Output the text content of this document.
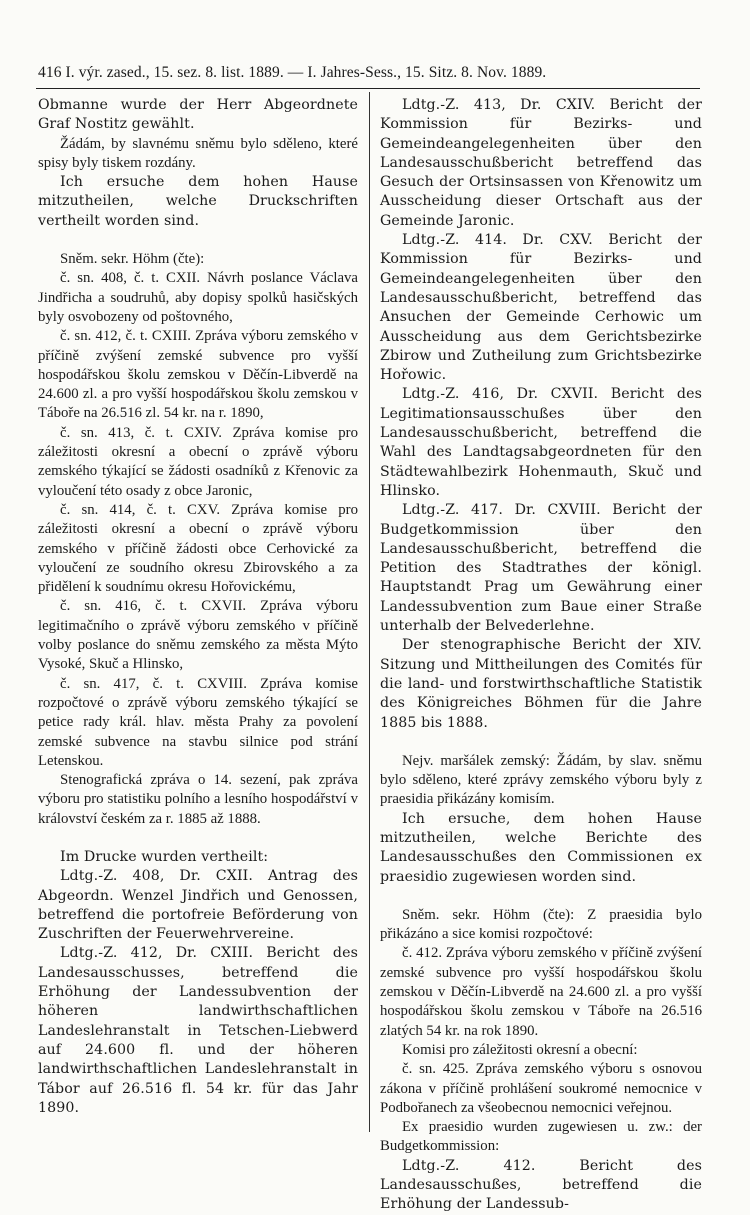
416 I. výr. zased., 15. sez. 8. list. 1889. — I. Jahres-Sess., 15. Sitz. 8. Nov. 1889.

Obmanne wurde der Herr Abgeordnete Graf Nostitz gewählt.

Žádám, by slavnému sněmu bylo sděleno, které spisy byly tiskem rozdány.

Ich ersuche dem hohen Hause mitzutheilen, welche Druckschriften vertheilt worden sind.

Sněm. sekr. Höhm (čte):

č. sn. 408, č. t. CXII. Návrh poslance Václava Jindřicha a soudruhů, aby dopisy spolků hasičských byly osvobozeny od poštovného,

č. sn. 412, č. t. CXIII. Zpráva výboru zemského v příčině zvýšení zemské subvence pro vyšší hospodářskou školu zemskou v Děčín-Libverdě na 24.600 zl. a pro vyšší hospodářskou školu zemskou v Táboře na 26.516 zl. 54 kr. na r. 1890,

č. sn. 413, č. t. CXIV. Zpráva komise pro záležitosti okresní a obecní o zprávě výboru zemského týkající se žádosti osadníků z Křenovic za vyloučení této osady z obce Jaronic,

č. sn. 414, č. t. CXV. Zpráva komise pro záležitosti okresní a obecní o zprávě výboru zemského v příčině žádosti obce Cerhovické za vyloučení ze soudního okresu Zbirovského a za přidělení k soudnímu okresu Hořovickému,

č. sn. 416, č. t. CXVII. Zpráva výboru legitimačního o zprávě výboru zemského v příčině volby poslance do sněmu zemského za města Mýto Vysoké, Skuč a Hlinsko,

č. sn. 417, č. t. CXVIII. Zpráva komise rozpočtové o zprávě výboru zemského týkající se petice rady král. hlav. města Prahy za povolení zemské subvence na stavbu silnice pod strání Letenskou.

Stenografická zpráva o 14. sezení, pak zpráva výboru pro statistiku polního a lesního hospodářství v království českém za r. 1885 až 1888.

Im Drucke wurden vertheilt:

Ldtg.-Z. 408, Dr. CXII. Antrag des Abgeordn. Wenzel Jindřich und Genossen, betreffend die portofreie Beförderung von Zuschriften der Feuerwehrvereine.

Ldtg.-Z. 412, Dr. CXIII. Bericht des Landesausschusses, betreffend die Erhöhung der Landessubvention der höheren landwirthschaftlichen Landeslehranstalt in Tetschen-Liebwerd auf 24.600 fl. und der höheren landwirthschaftlichen Landeslehranstalt in Tábor auf 26.516 fl. 54 kr. für das Jahr 1890.

Ldtg.-Z. 413, Dr. CXIV. Bericht der Kommission für Bezirks- und Gemeindeangelegenheiten über den Landesausschußbericht betreffend das Gesuch der Ortsinsassen von Křenowitz um Ausscheidung dieser Ortschaft aus der Gemeinde Jaronic.

Ldtg.-Z. 414. Dr. CXV. Bericht der Kommission für Bezirks- und Gemeindeangelegenheiten über den Landesausschußbericht, betreffend das Ansuchen der Gemeinde Cerhowic um Ausscheidung aus dem Gerichtsbezirke Zbirow und Zutheilung zum Grichtsbezirke Hořowic.

Ldtg.-Z. 416, Dr. CXVII. Bericht des Legitimationsausschußes über den Landesausschußbericht, betreffend die Wahl des Landtagsabgeordneten für den Städtewahlbezirk Hohenmauth, Skuč und Hlinsko.

Ldtg.-Z. 417. Dr. CXVIII. Bericht der Budgetkommission über den Landesausschußbericht, betreffend die Petition des Stadtrathes der königl. Hauptstandt Prag um Gewährung einer Landessubvention zum Baue einer Straße unterhalb der Belvederlehne.

Der stenographische Bericht der XIV. Sitzung und Mittheilungen des Comités für die land- und forstwirthschaftliche Statistik des Königreiches Böhmen für die Jahre 1885 bis 1888.

Nejv. maršálek zemský: Žádám, by slav. sněmu bylo sděleno, které zprávy zemského výboru byly z praesidia přikázány komisím.

Ich ersuche, dem hohen Hause mitzutheilen, welche Berichte des Landesausschußes den Commissionen ex praesidio zugewiesen worden sind.

Sněm. sekr. Höhm (čte): Z praesidia bylo přikázáno a sice komisi rozpočtové:

č. 412. Zpráva výboru zemského v příčině zvýšení zemské subvence pro vyšší hospodářskou školu zemskou v Děčín-Libverdě na 24.600 zl. a pro vyšší hospodářskou školu zemskou v Táboře na 26.516 zlatých 54 kr. na rok 1890.

Komisi pro záležitosti okresní a obecní:

č. sn. 425. Zpráva zemského výboru s osnovou zákona v příčině prohlášení soukromé nemocnice v Podbořanech za všeobecnou nemocnici veřejnou.

Ex praesidio wurden zugewiesen u. zw.: der Budgetkommission:

Ldtg.-Z. 412. Bericht des Landesausschußes, betreffend die Erhöhung der Landessub-
